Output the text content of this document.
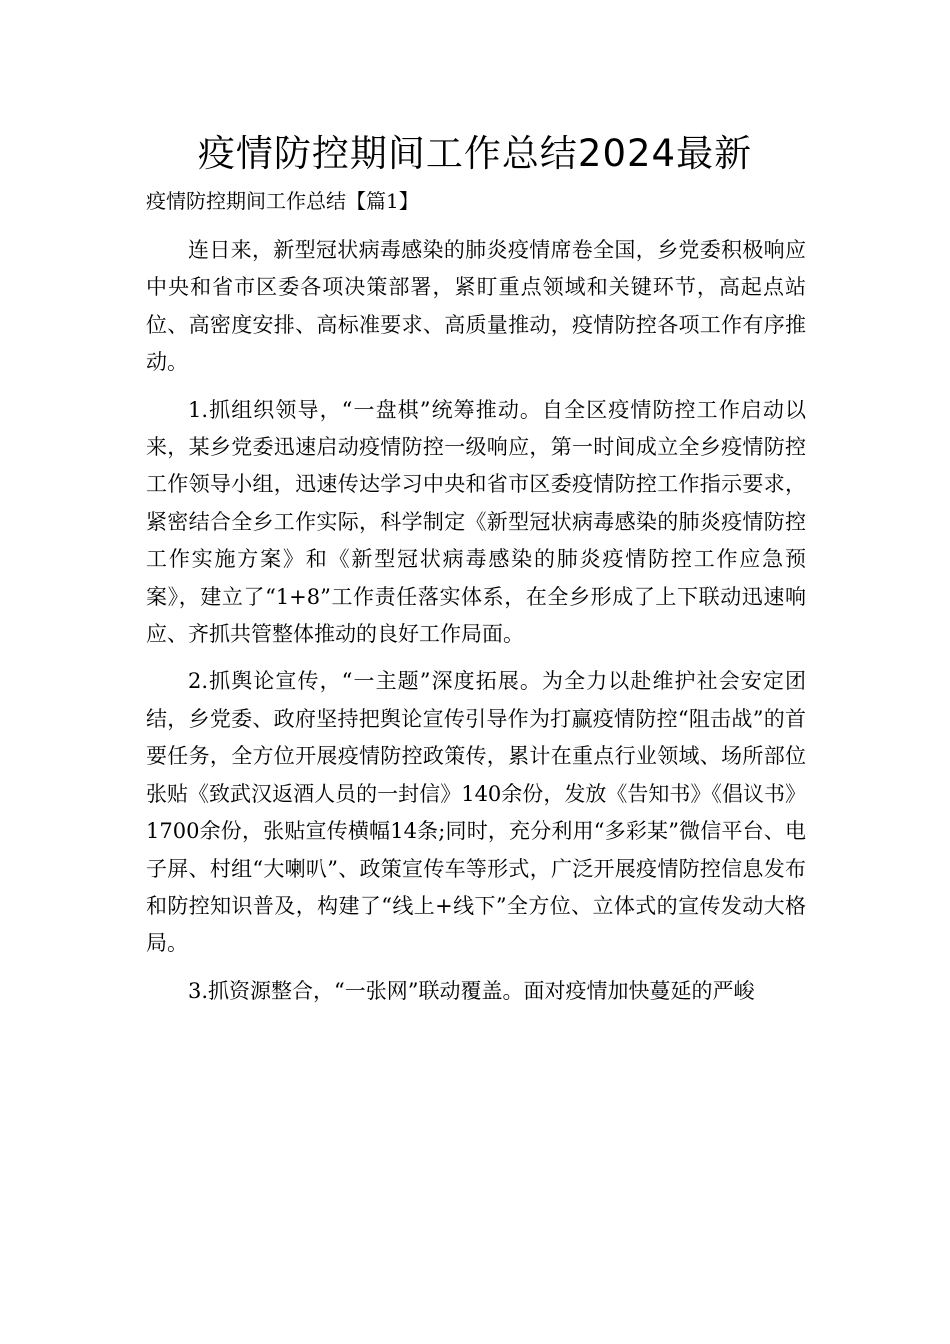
疫情防控期间工作总结2024最新

疫情防控期间工作总结【篇1】

连日来，新型冠状病毒感染的肺炎疫情席卷全国，乡党委积极响应中央和省市区委各项决策部署，紧盯重点领域和关键环节，高起点站位、高密度安排、高标准要求、高质量推动，疫情防控各项工作有序推动。

1.抓组织领导，“一盘棋”统筹推动。自全区疫情防控工作启动以来，某乡党委迅速启动疫情防控一级响应，第一时间成立全乡疫情防控工作领导小组，迅速传达学习中央和省市区委疫情防控工作指示要求，紧密结合全乡工作实际，科学制定《新型冠状病毒感染的肺炎疫情防控工作实施方案》和《新型冠状病毒感染的肺炎疫情防控工作应急预案》，建立了“1+8”工作责任落实体系，在全乡形成了上下联动迅速响应、齐抓共管整体推动的良好工作局面。

2.抓舆论宣传，“一主题”深度拓展。为全力以赴维护社会安定团结，乡党委、政府坚持把舆论宣传引导作为打赢疫情防控“阻击战”的首要任务，全方位开展疫情防控政策传，累计在重点行业领域、场所部位张贴《致武汉返酒人员的一封信》140余份，发放《告知书》《倡议书》1700余份，张贴宣传横幅14条;同时，充分利用“多彩某”微信平台、电子屏、村组“大喇叭”、政策宣传车等形式，广泛开展疫情防控信息发布和防控知识普及，构建了“线上+线下”全方位、立体式的宣传发动大格局。

3.抓资源整合，“一张网”联动覆盖。面对疫情加快蔓延的严峻
